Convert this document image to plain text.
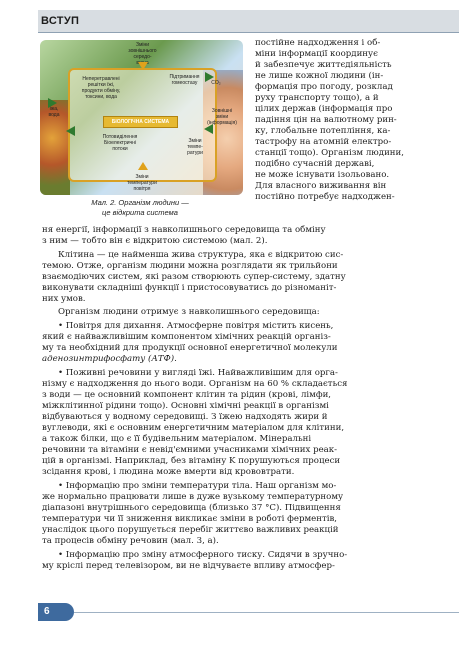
ВСТУП
Зміни
зовнішнього
середо-
вища
Підтримання
гомеостазу
Неперетравлені
решітки їжі,
продукти обміну,
токсини, вода
CO₂
Їжа,
вода
Зовнішні
зміни
(інформація)
БІОЛОГІЧНА СИСТЕМА
Потовиділення
Біоелектричні
потоки
Зміни
темпе-
ратури
Зміни
температури
повітря
Мал. 2. Організм людини —
це відкрита система
постійне надходження і об-
міни інформації координує
й забезпечує життєдіяльність
не лише кожної людини (ін-
формація про погоду, розклад
руху транспорту тощо), а й
цілих держав (інформація про
падіння цін на валютному рин-
ку, глобальне потепління, ка-
тастрофу на атомній електро-
станції тощо). Організм людини,
подібно сучасній державі,
не може існувати ізольовано.
Для власного виживання він
постійно потребує надходжен-
ня енергії, інформації з навколишнього середовища та обміну
з ним — тобто він є відкритою системою (мал. 2).
Клітина — це найменша жива структура, яка є відкритою сис-
темою. Отже, організм людини можна розглядати як трильйони
взаємодіючих систем, які разом створюють супер-систему, здатну
виконувати складніші функції і пристосовуватись до різноманіт-
них умов.
Організм людини отримує з навколишнього середовища:
• Повітря для дихання. Атмосферне повітря містить кисень,
який є найважливішим компонентом хімічних реакцій організ-
му та необхідний для продукції основної енергетичної молекули
аденозинтрифосфату (АТФ).
• Поживні речовини у вигляді їжі. Найважливішим для орга-
нізму є надходження до нього води. Організм на 60 % складається
з води — це основний компонент клітин та рідин (крові, лімфи,
міжклітинної рідини тощо). Основні хімічні реакції в організмі
відбуваються у водному середовищі. З їжею надходять жири й
вуглеводи, які є основним енергетичним матеріалом для клітини,
а також білки, що є її будівельним матеріалом. Мінеральні
речовини та вітаміни є невід'ємними учасниками хімічних реак-
цій в організмі. Наприклад, без вітаміну K порушуються процеси
зсідання крові, і людина може вмерти від крововтрати.
• Інформацію про зміни температури тіла. Наш організм мо-
же нормально працювати лише в дуже вузькому температурному
діапазоні внутрішнього середовища (близько 37 °C). Підвищення
температури чи її зниження викликає зміни в роботі ферментів,
унаслідок цього порушується перебіг життєво важливих реакцій
та процесів обміну речовин (мал. 3, а).
• Інформацію про зміну атмосферного тиску. Сидячи в зручно-
му кріслі перед телевізором, ви не відчуваєте впливу атмосфер-
6
